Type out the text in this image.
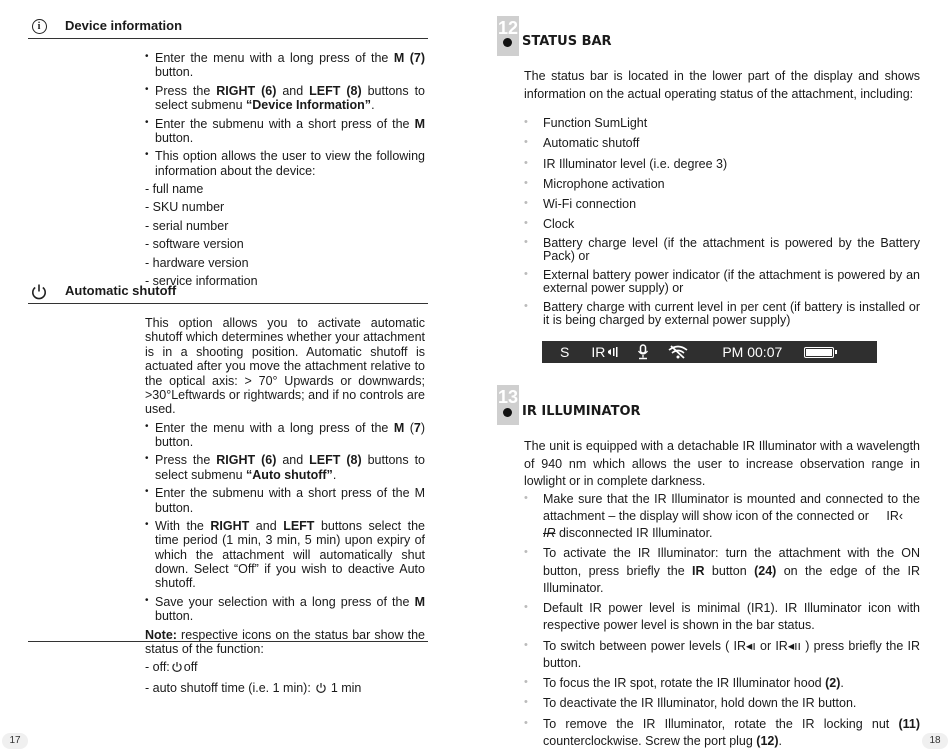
i	Device information
• Enter the menu with a long press of the M (7) button.
• Press the RIGHT (6) and LEFT (8) buttons to select submenu “Device Information”.
• Enter the submenu with a short press of the M button.
• This option allows the user to view the following information about the device:
- full name
- SKU number
- serial number
- software version
- hardware version
- service information
Automatic shutoff
This option allows you to activate automatic shutoff which determines whether your attachment is in a shooting position. Automatic shutoff is actuated after you move the attachment relative to the optical axis: > 70° Upwards or downwards; >30°Leftwards or rightwards; and if no controls are used.
• Enter the menu with a long press of the M (7) button.
• Press the RIGHT (6) and LEFT (8) buttons to select submenu “Auto shutoff”.
• Enter the submenu with a short press of the M button.
• With the RIGHT and LEFT buttons select the time period (1 min, 3 min, 5 min) upon expiry of which the attachment will automatically shut down. Select “Off” if you wish to deactive Auto shutoff.
• Save your selection with a long press of the M button.
Note: respective icons on the status bar show the status of the function:
- off: off
- auto shutoff time (i.e. 1 min): 1 min
17
12
STATUS BAR
The status bar is located in the lower part of the display and shows information on the actual operating status of the attachment, including:
• Function SumLight
• Automatic shutoff
• IR Illuminator level (i.e. degree 3)
• Microphone activation
• Wi-Fi connection
• Clock
• Battery charge level (if the attachment is powered by the Battery Pack) or
• External battery power indicator (if the attachment is powered by an external power supply) or
• Battery charge with current level in per cent (if battery is installed or it is being charged by external power supply)
S IR	PM 00:07
13
IR ILLUMINATOR
The unit is equipped with a detachable IR Illuminator with a wavelength of 940 nm which allows the user to increase observation range in lowlight or in complete darkness.
• Make sure that the IR Illuminator is mounted and connected to the attachment – the display will show icon of the connected or IR‹
IR disconnected IR Illuminator.
• To activate the IR Illuminator: turn the attachment with the ON button, press briefly the IR button (24) on the edge of the IR Illuminator.
• Default IR power level is minimal (IR1). IR Illuminator icon with respective power level is shown in the bar status.
• To switch between power levels ( IR◂ı or IR◂ıı ) press briefly the IR button.
• To focus the IR spot, rotate the IR Illuminator hood (2).
• To deactivate the IR Illuminator, hold down the IR button.
• To remove the IR Illuminator, rotate the IR locking nut (11) counterclockwise. Screw the port plug (12).	18
